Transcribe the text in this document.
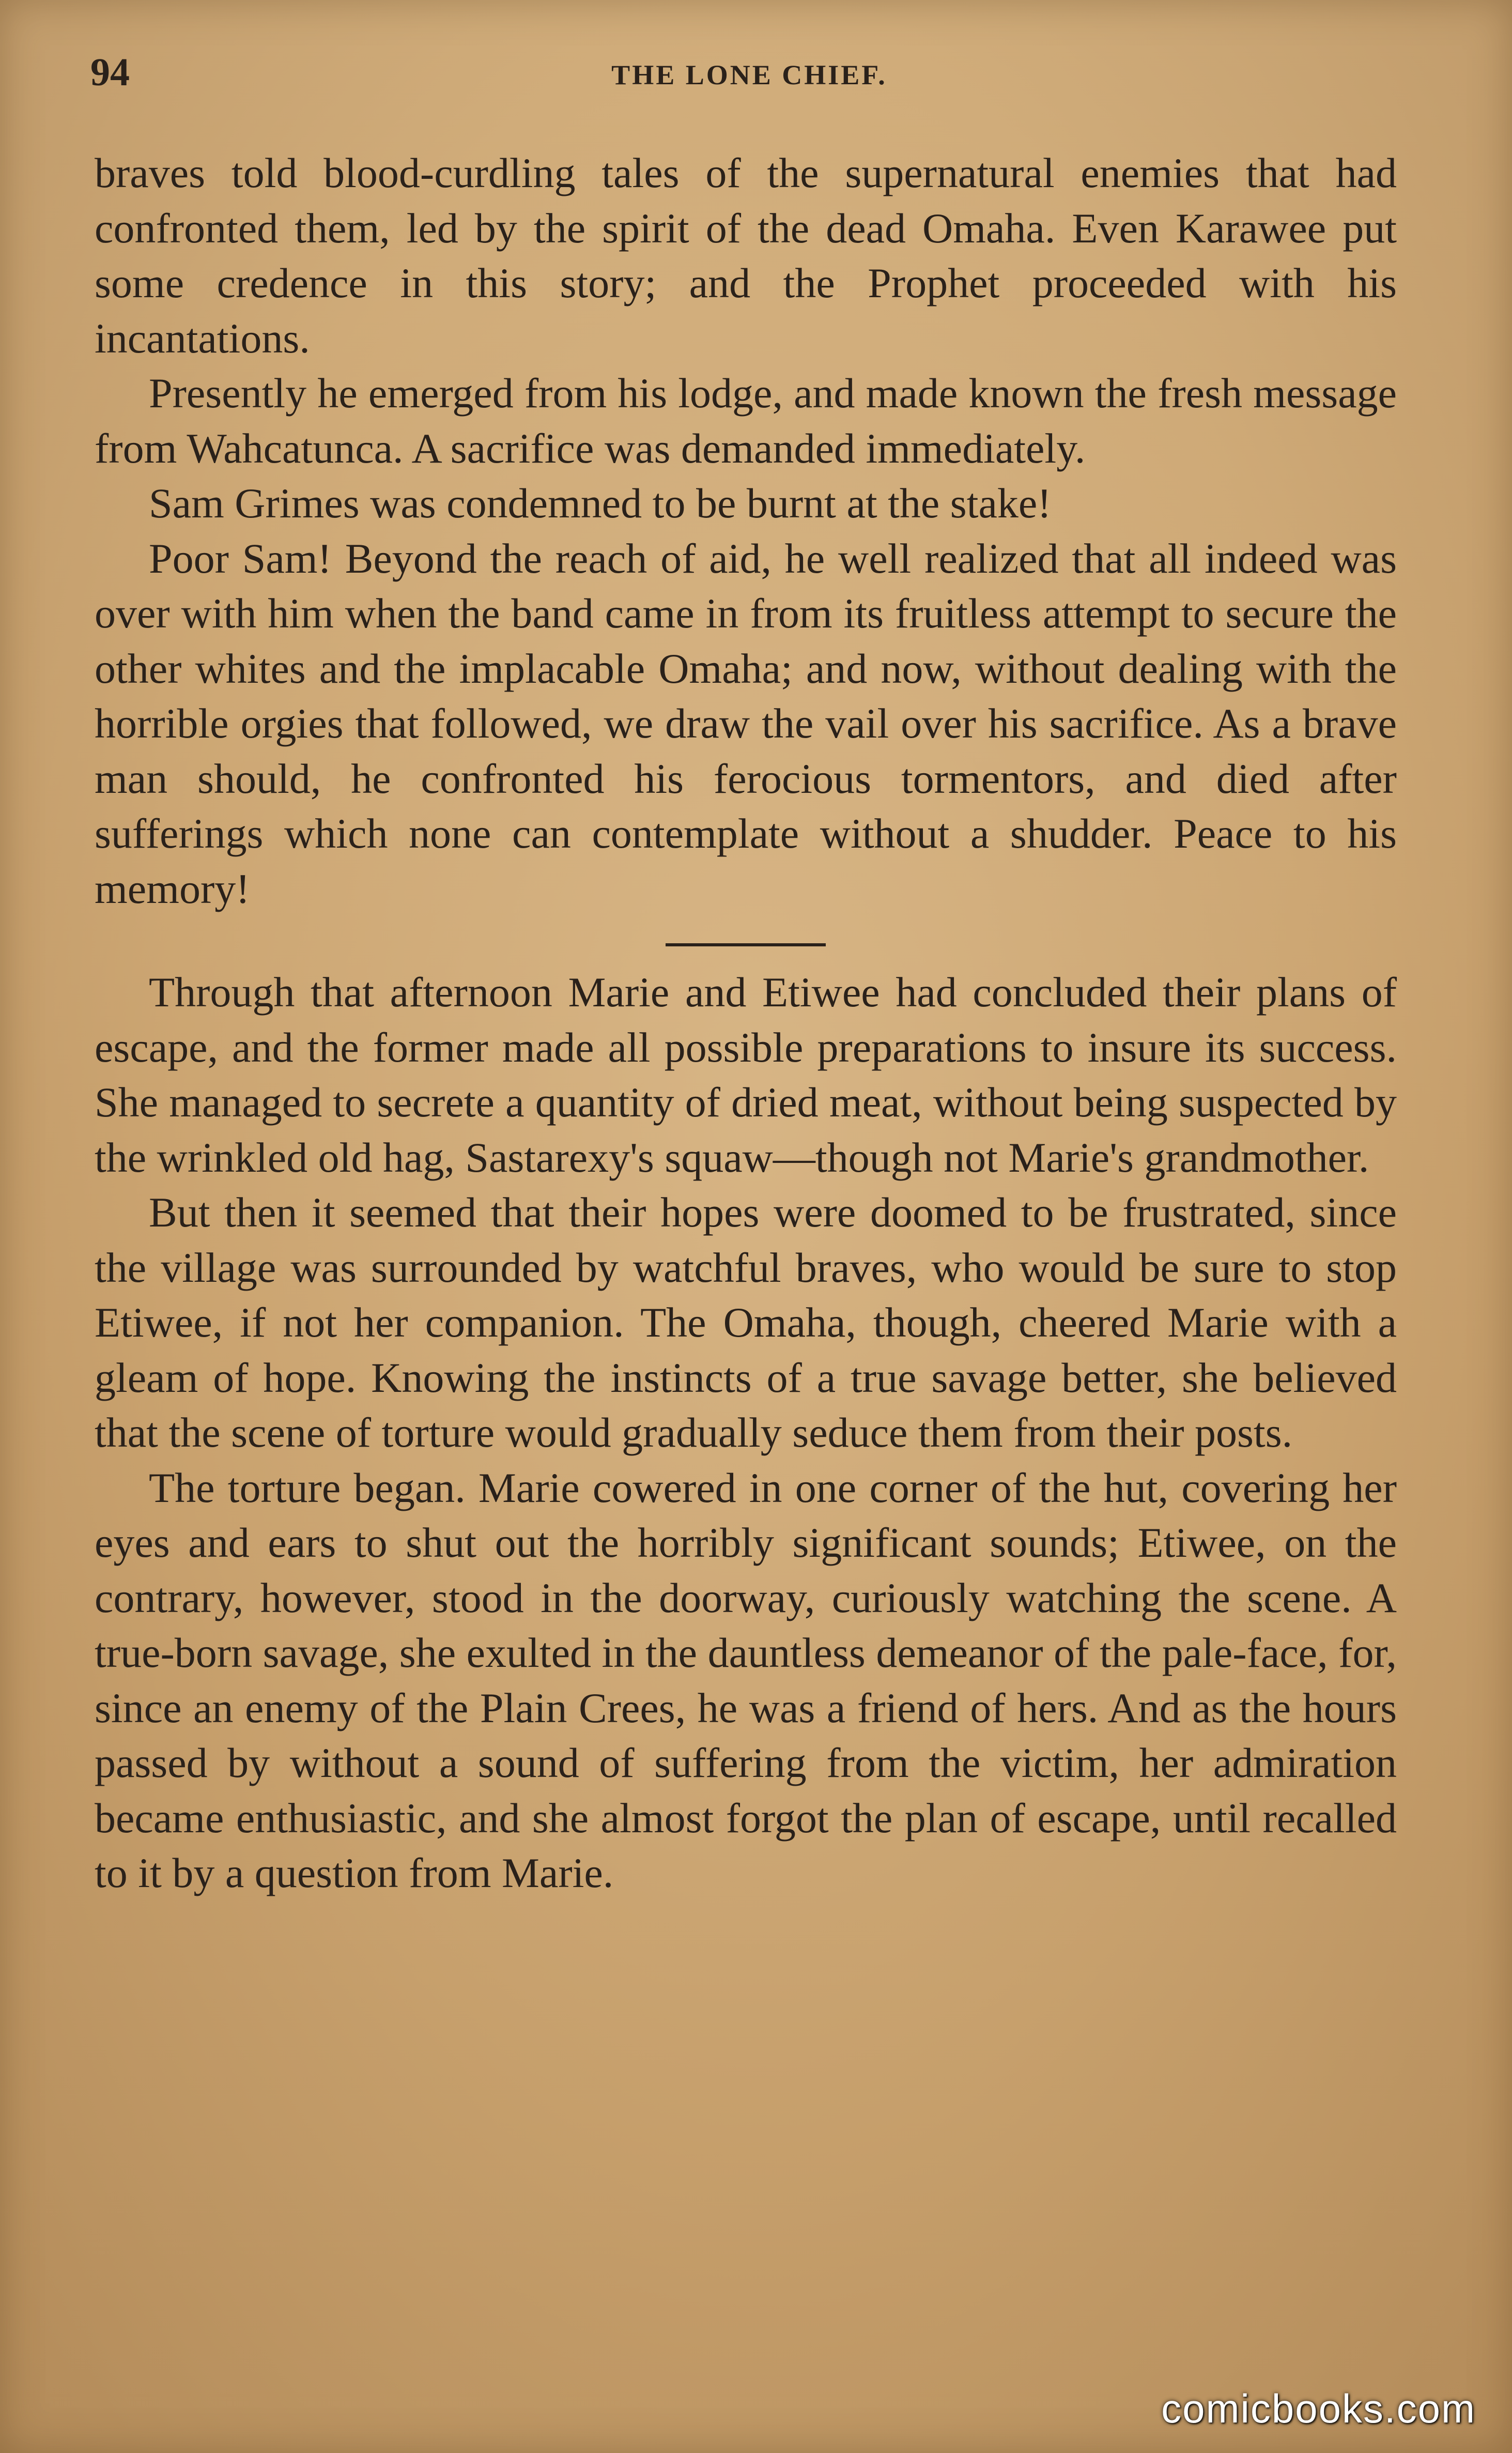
94	THE LONE CHIEF.

braves told blood-curdling tales of the supernatural enemies that had confronted them, led by the spirit of the dead Omaha. Even Karawee put some credence in this story; and the Prophet proceeded with his incantations.

Presently he emerged from his lodge, and made known the fresh message from Wahcatunca. A sacrifice was demanded immediately.

Sam Grimes was condemned to be burnt at the stake!

Poor Sam! Beyond the reach of aid, he well realized that all indeed was over with him when the band came in from its fruitless attempt to secure the other whites and the implacable Omaha; and now, without dealing with the horrible orgies that followed, we draw the vail over his sacrifice. As a brave man should, he confronted his ferocious tormentors, and died after sufferings which none can contemplate without a shudder. Peace to his memory!

Through that afternoon Marie and Etiwee had concluded their plans of escape, and the former made all possible preparations to insure its success. She managed to secrete a quantity of dried meat, without being suspected by the wrinkled old hag, Sastarexy's squaw—though not Marie's grandmother.

But then it seemed that their hopes were doomed to be frustrated, since the village was surrounded by watchful braves, who would be sure to stop Etiwee, if not her companion. The Omaha, though, cheered Marie with a gleam of hope. Knowing the instincts of a true savage better, she believed that the scene of torture would gradually seduce them from their posts.

The torture began. Marie cowered in one corner of the hut, covering her eyes and ears to shut out the horribly significant sounds; Etiwee, on the contrary, however, stood in the doorway, curiously watching the scene. A true-born savage, she exulted in the dauntless demeanor of the pale-face, for, since an enemy of the Plain Crees, he was a friend of hers. And as the hours passed by without a sound of suffering from the victim, her admiration became enthusiastic, and she almost forgot the plan of escape, until recalled to it by a question from Marie.

comicbooks.com
